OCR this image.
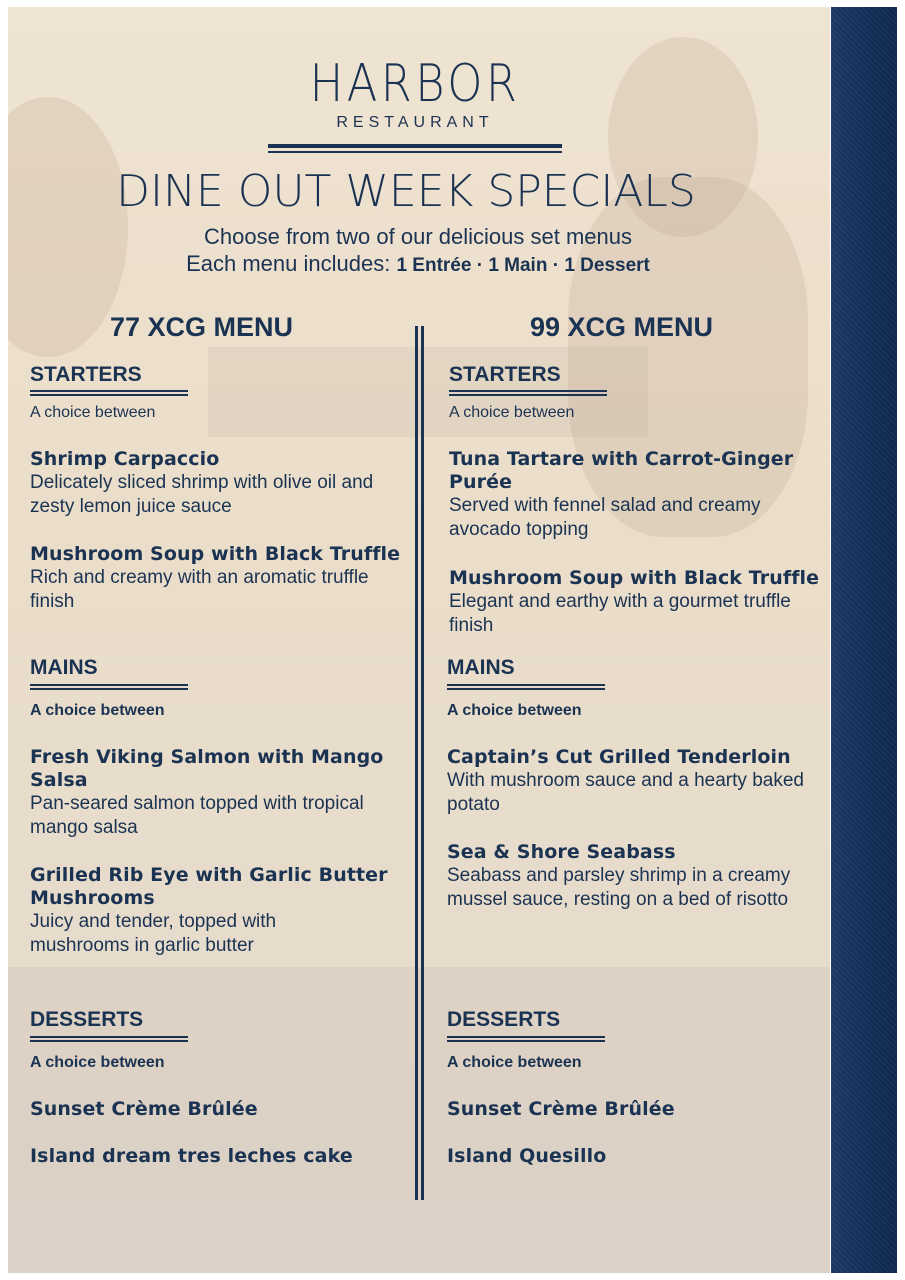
HARBOR
RESTAURANT
DINE OUT WEEK SPECIALS
Choose from two of our delicious set menus
Each menu includes: 1 Entrée · 1 Main · 1 Dessert
77 XCG MENU
STARTERS
A choice between
Shrimp Carpaccio
Delicately sliced shrimp with olive oil and zesty lemon juice sauce
Mushroom Soup with Black Truffle
Rich and creamy with an aromatic truffle finish
MAINS
A choice between
Fresh Viking Salmon with Mango Salsa
Pan-seared salmon topped with tropical mango salsa
Grilled Rib Eye with Garlic Butter Mushrooms
Juicy and tender, topped with mushrooms in garlic butter
DESSERTS
A choice between
Sunset Crème Brûlée
Island dream tres leches cake
99 XCG MENU
STARTERS
A choice between
Tuna Tartare with Carrot-Ginger Purée
Served with fennel salad and creamy avocado topping
Mushroom Soup with Black Truffle
Elegant and earthy with a gourmet truffle finish
MAINS
A choice between
Captain’s Cut Grilled Tenderloin
With mushroom sauce and a hearty baked potato
Sea & Shore Seabass
Seabass and parsley shrimp in a creamy mussel sauce, resting on a bed of risotto
DESSERTS
A choice between
Sunset Crème Brûlée
Island Quesillo
